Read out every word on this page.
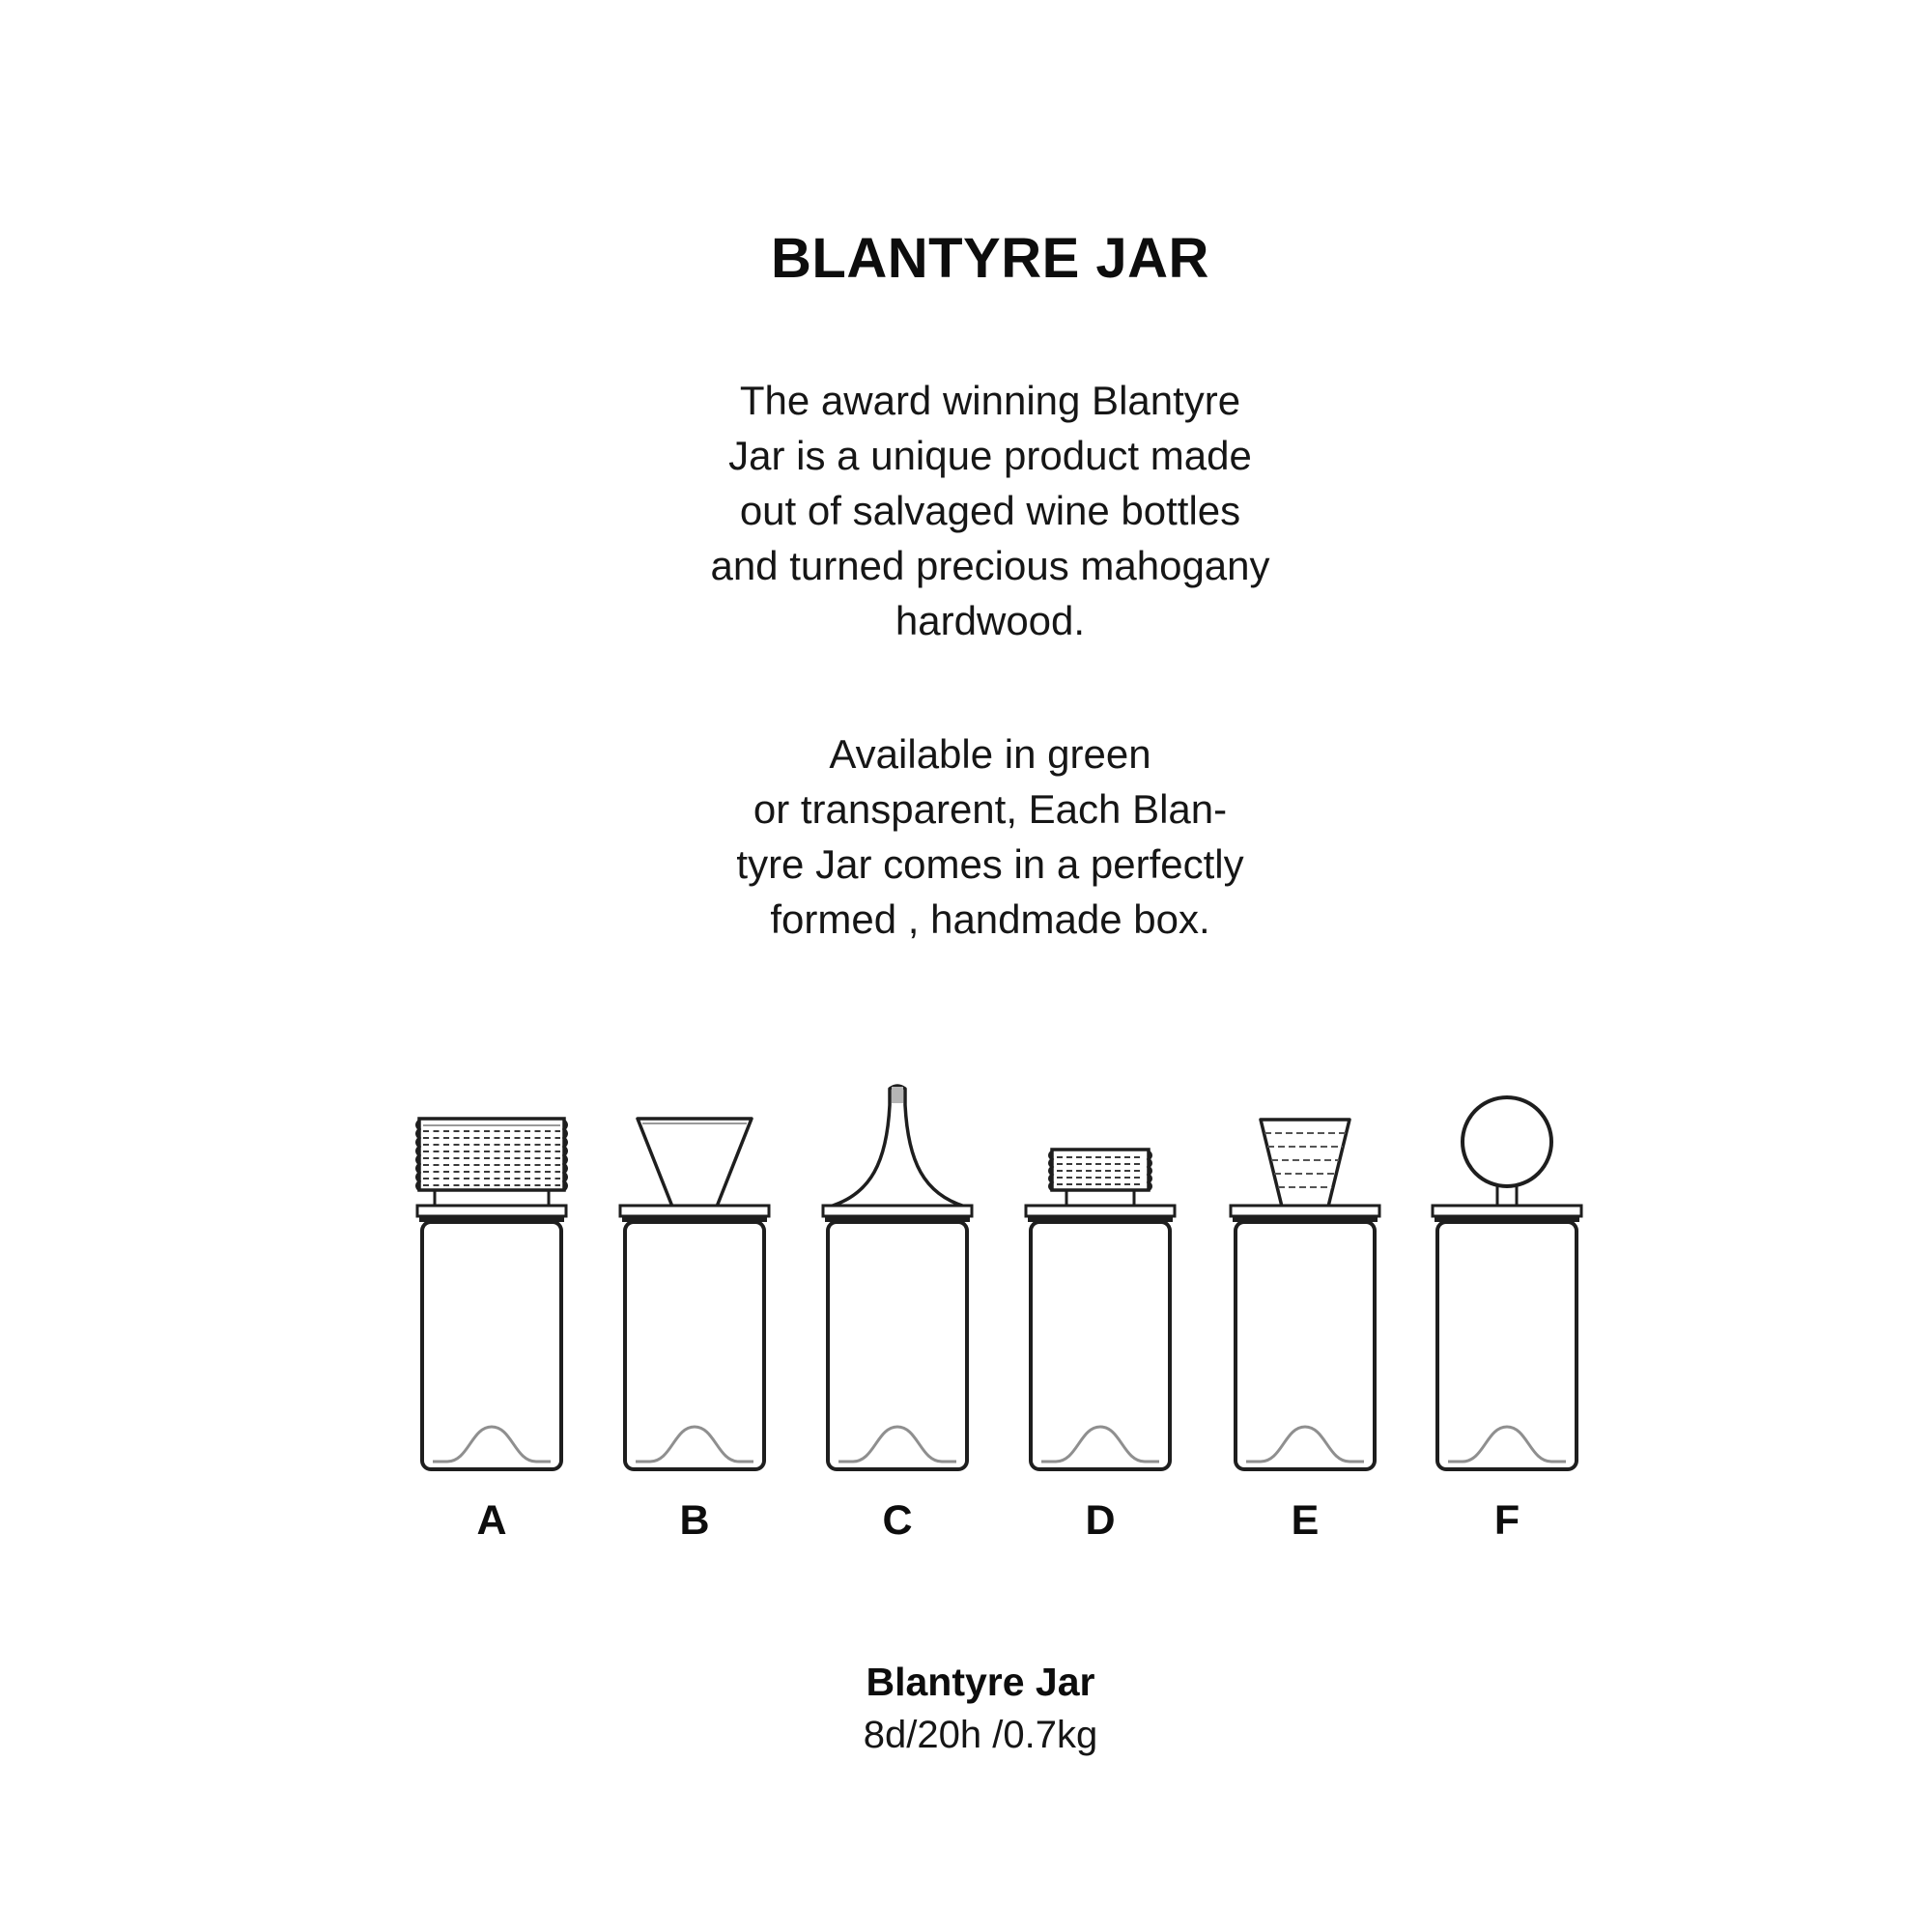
BLANTYRE JAR
The award winning Blantyre
Jar is a unique product made
out of salvaged wine bottles
and turned precious mahogany
hardwood.
Available in green
or transparent, Each Blan-
tyre Jar comes in a perfectly
formed , handmade box.
A	B	C	D	E	F
Blantyre Jar
8d/20h /0.7kg
